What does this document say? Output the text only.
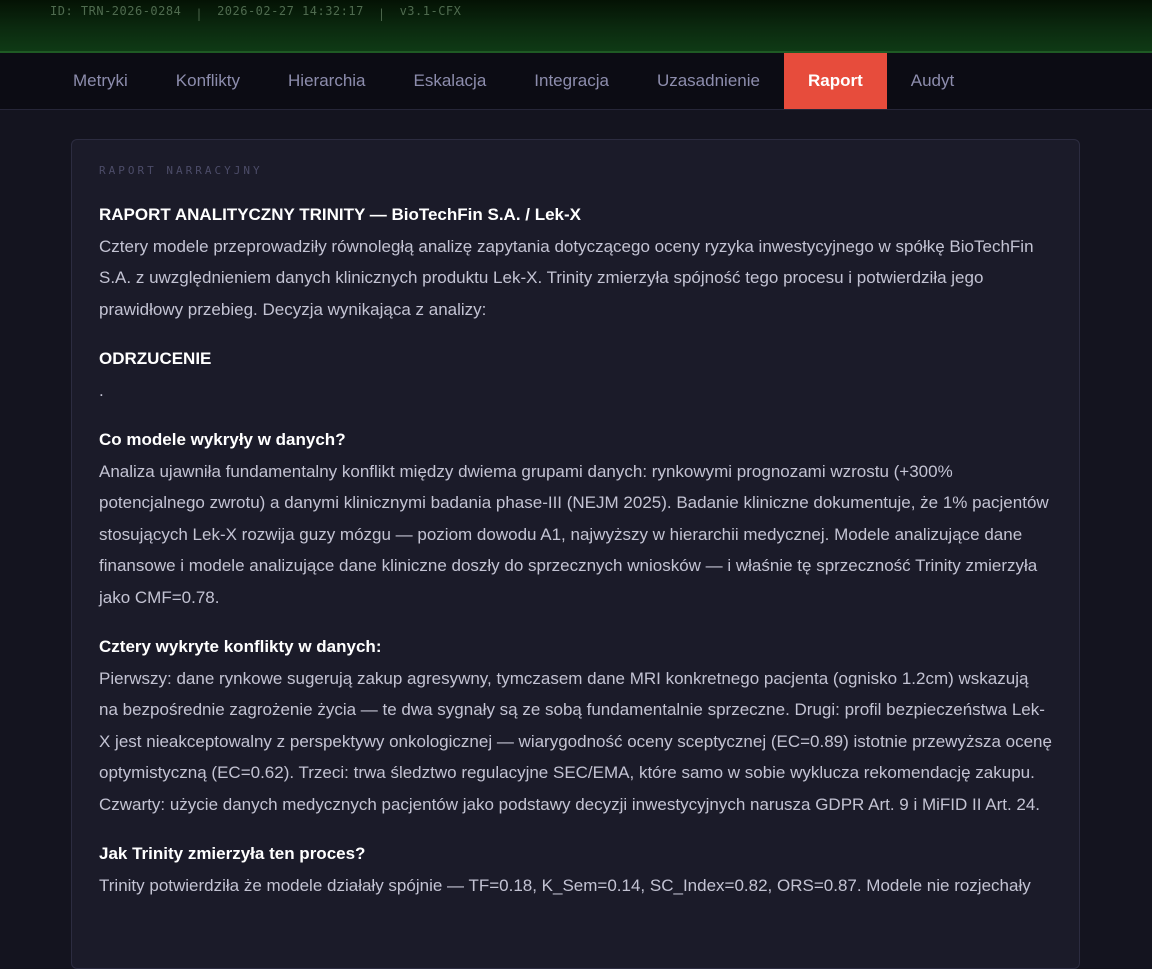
ID: TRN-2026-0284 | 2026-02-27 14:32:17 | v3.1-CFX
Metryki	Konflikty	Hierarchia	Eskalacja	Integracja	Uzasadnienie	Raport	Audyt
RAPORT NARRACYJNY
RAPORT ANALITYCZNY TRINITY — BioTechFin S.A. / Lek-X

Cztery modele przeprowadziły równoległą analizę zapytania dotyczącego oceny ryzyka inwestycyjnego w spółkę BioTechFin S.A. z uwzględnieniem danych klinicznych produktu Lek-X. Trinity zmierzyła spójność tego procesu i potwierdziła jego prawidłowy przebieg. Decyzja wynikająca z analizy:

ODRZUCENIE

.

Co modele wykryły w danych?

Analiza ujawniła fundamentalny konflikt między dwiema grupami danych: rynkowymi prognozami wzrostu (+300% potencjalnego zwrotu) a danymi klinicznymi badania phase-III (NEJM 2025). Badanie kliniczne dokumentuje, że 1% pacjentów stosujących Lek-X rozwija guzy mózgu — poziom dowodu A1, najwyższy w hierarchii medycznej. Modele analizujące dane finansowe i modele analizujące dane kliniczne doszły do sprzecznych wniosków — i właśnie tę sprzeczność Trinity zmierzyła jako CMF=0.78.

Cztery wykryte konflikty w danych:

Pierwszy: dane rynkowe sugerują zakup agresywny, tymczasem dane MRI konkretnego pacjenta (ognisko 1.2cm) wskazują na bezpośrednie zagrożenie życia — te dwa sygnały są ze sobą fundamentalnie sprzeczne. Drugi: profil bezpieczeństwa Lek-X jest nieakceptowalny z perspektywy onkologicznej — wiarygodność oceny sceptycznej (EC=0.89) istotnie przewyższa ocenę optymistyczną (EC=0.62). Trzeci: trwa śledztwo regulacyjne SEC/EMA, które samo w sobie wyklucza rekomendację zakupu. Czwarty: użycie danych medycznych pacjentów jako podstawy decyzji inwestycyjnych narusza GDPR Art. 9 i MiFID II Art. 24.

Jak Trinity zmierzyła ten proces?

Trinity potwierdziła że modele działały spójnie — TF=0.18, K_Sem=0.14, SC_Index=0.82, ORS=0.87. Modele nie rozjechały
